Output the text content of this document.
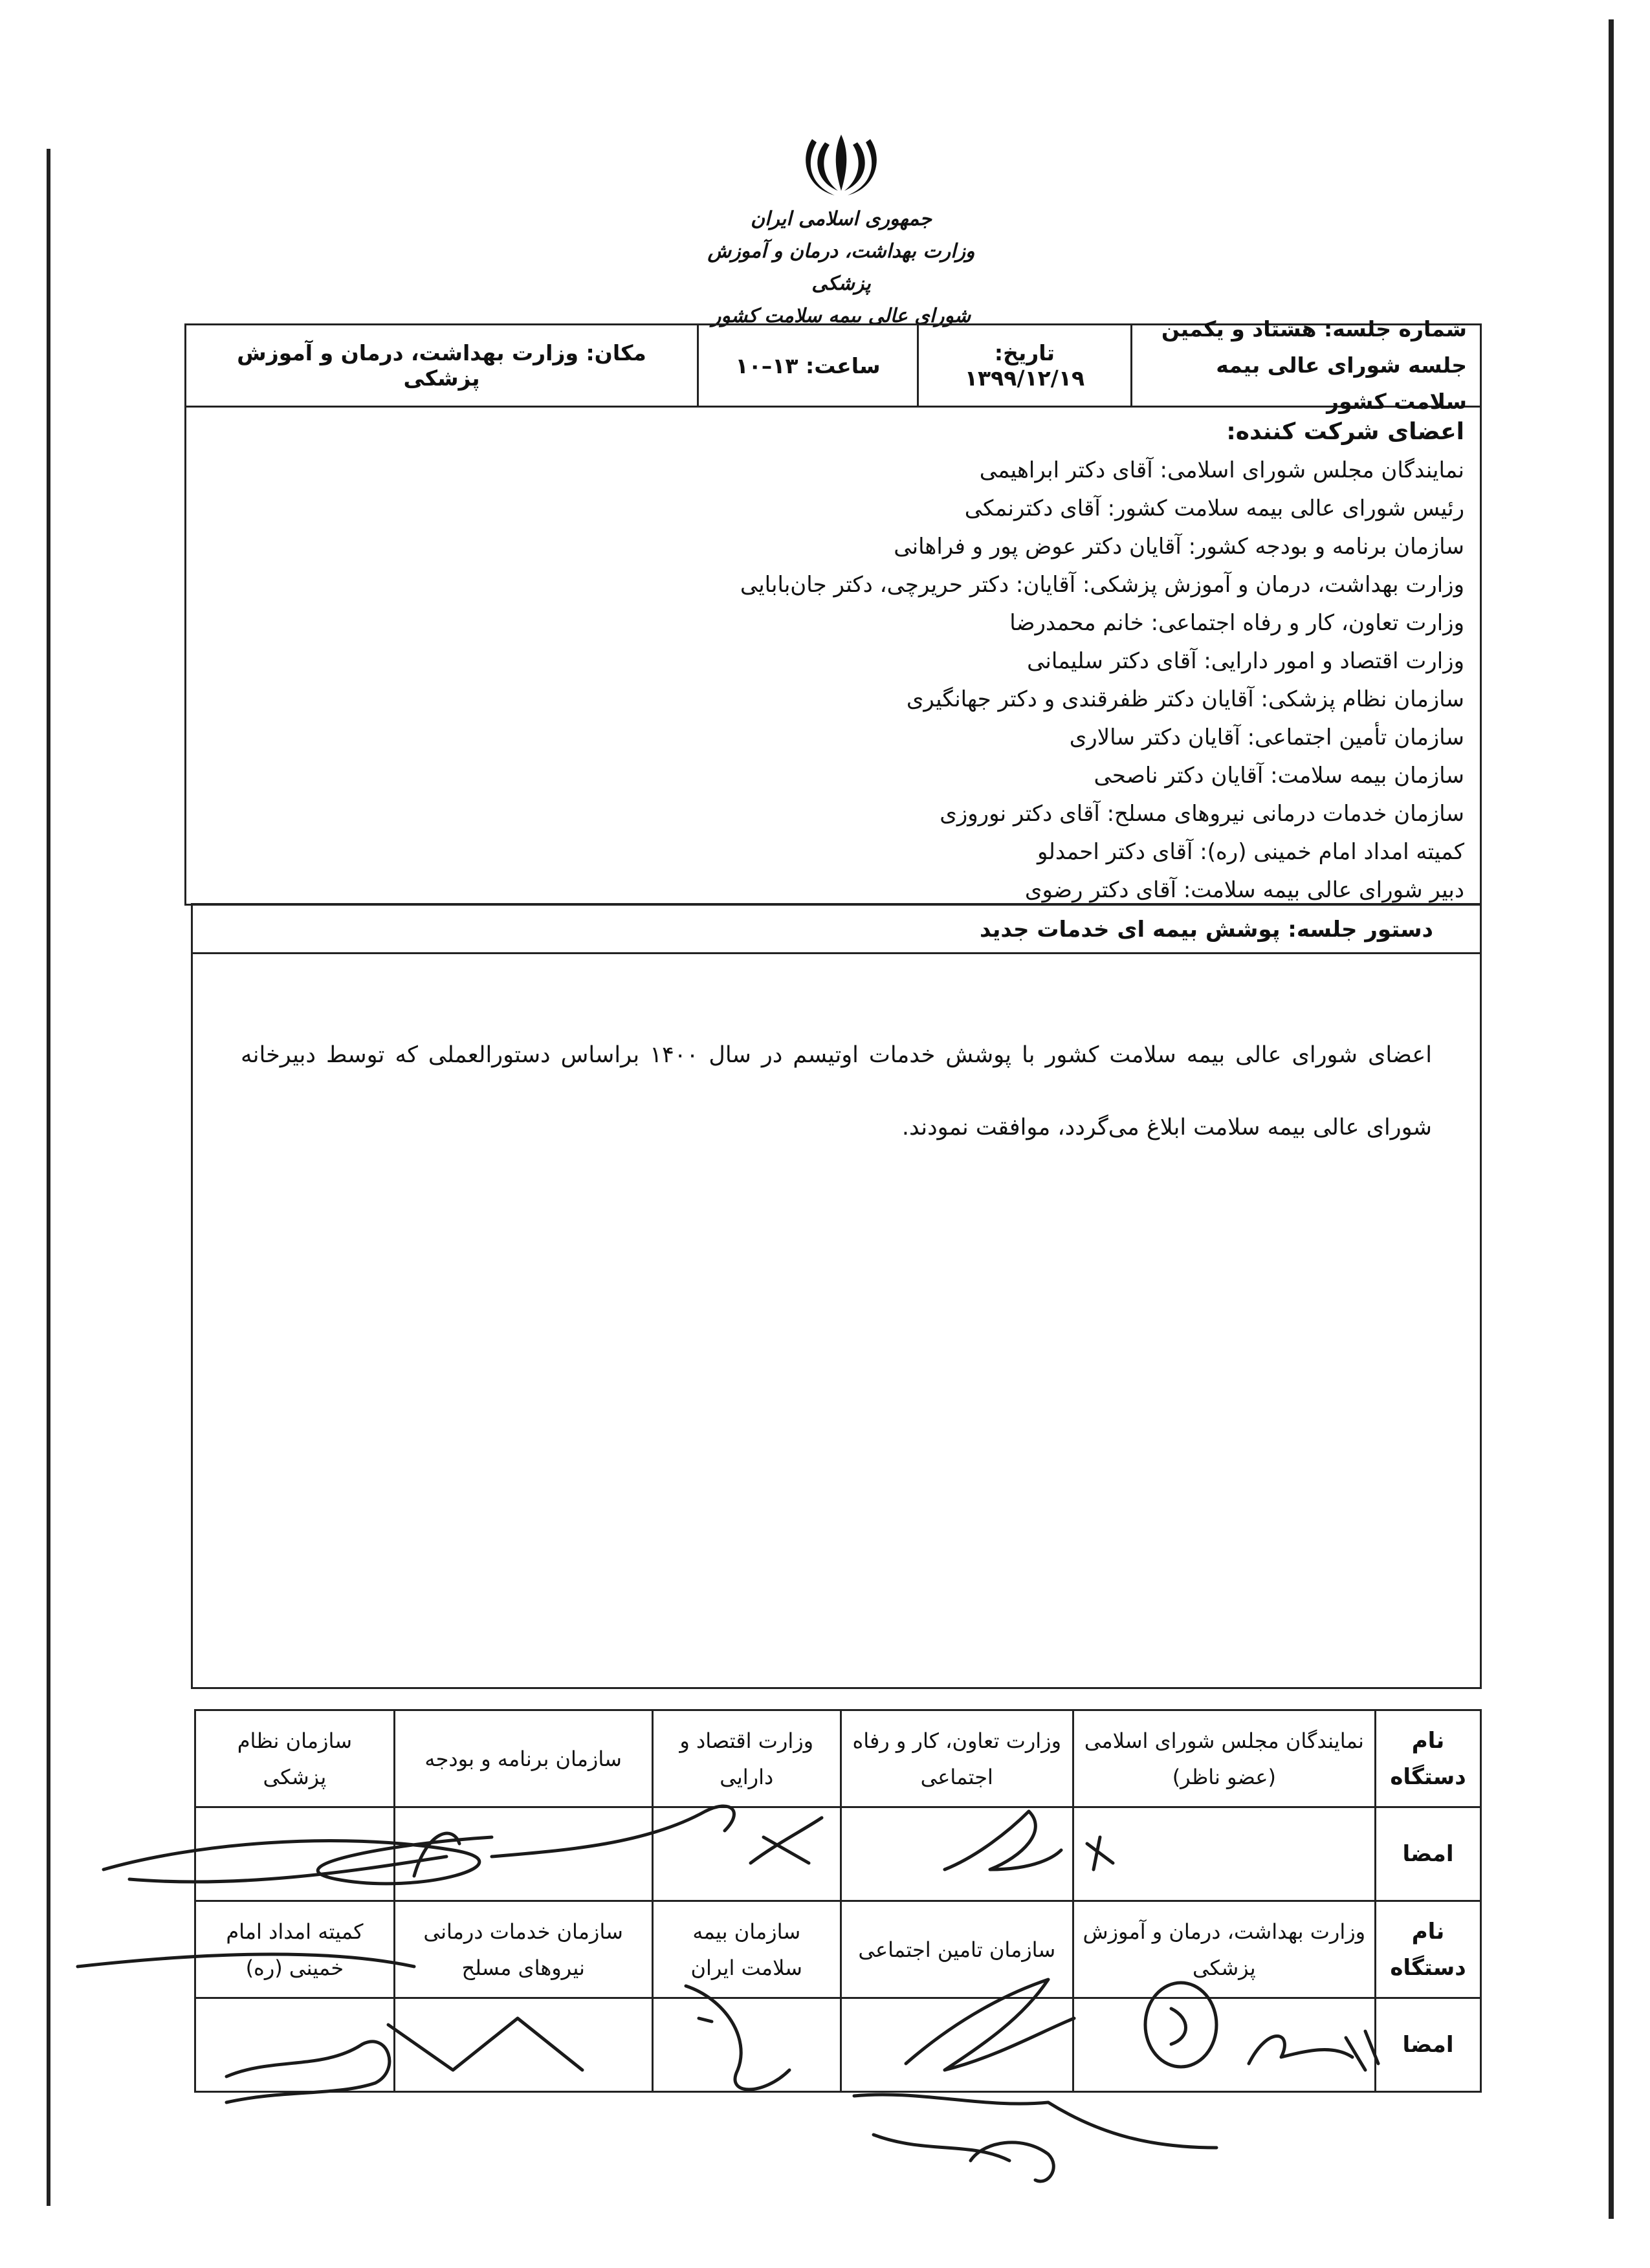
جمهوری اسلامی ایران
وزارت بهداشت، درمان و آموزش پزشکی
شورای عالی بیمه سلامت کشور
شماره جلسه: هشتاد و یکمین جلسه شورای عالی بیمه سلامت کشور
تاریخ: ۱۳۹۹/۱۲/۱۹
ساعت: ۱۳–۱۰
مکان: وزارت بهداشت، درمان و آموزش پزشکی
اعضای شرکت کننده:
نمایندگان مجلس شورای اسلامی: آقای دکتر ابراهیمی
رئیس شورای عالی بیمه سلامت کشور: آقای دکترنمکی
سازمان برنامه و بودجه کشور: آقایان دکتر عوض پور و فراهانی
وزارت بهداشت، درمان و آموزش پزشکی: آقایان: دکتر حریرچی، دکتر جان‌بابایی
وزارت تعاون، کار و رفاه اجتماعی: خانم محمدرضا
وزارت اقتصاد و امور دارایی: آقای دکتر سلیمانی
سازمان نظام پزشکی: آقایان دکتر ظفرقندی و دکتر جهانگیری
سازمان تأمین اجتماعی: آقایان دکتر سالاری
سازمان بیمه سلامت: آقایان دکتر ناصحی
سازمان خدمات درمانی نیروهای مسلح: آقای دکتر نوروزی
کمیته امداد امام خمینی (ره): آقای دکتر احمدلو
دبیر شورای عالی بیمه سلامت: آقای دکتر رضوی
دستور جلسه: پوشش بیمه ای خدمات جدید
اعضای شورای عالی بیمه سلامت کشور با پوشش خدمات اوتیسم در سال ۱۴۰۰ براساس دستورالعملی که توسط دبیرخانه شورای عالی بیمه سلامت ابلاغ می‌گردد، موافقت نمودند.
نام دستگاه	نمایندگان مجلس شورای اسلامی (عضو ناظر)	وزارت تعاون، کار و رفاه اجتماعی	وزارت اقتصاد و دارایی	سازمان برنامه و بودجه	سازمان نظام پزشکی
امضا					
نام دستگاه	وزارت بهداشت، درمان و آموزش پزشکی	سازمان تامین اجتماعی	سازمان بیمه سلامت ایران	سازمان خدمات درمانی نیروهای مسلح	کمیته امداد امام خمینی (ره)
امضا					
